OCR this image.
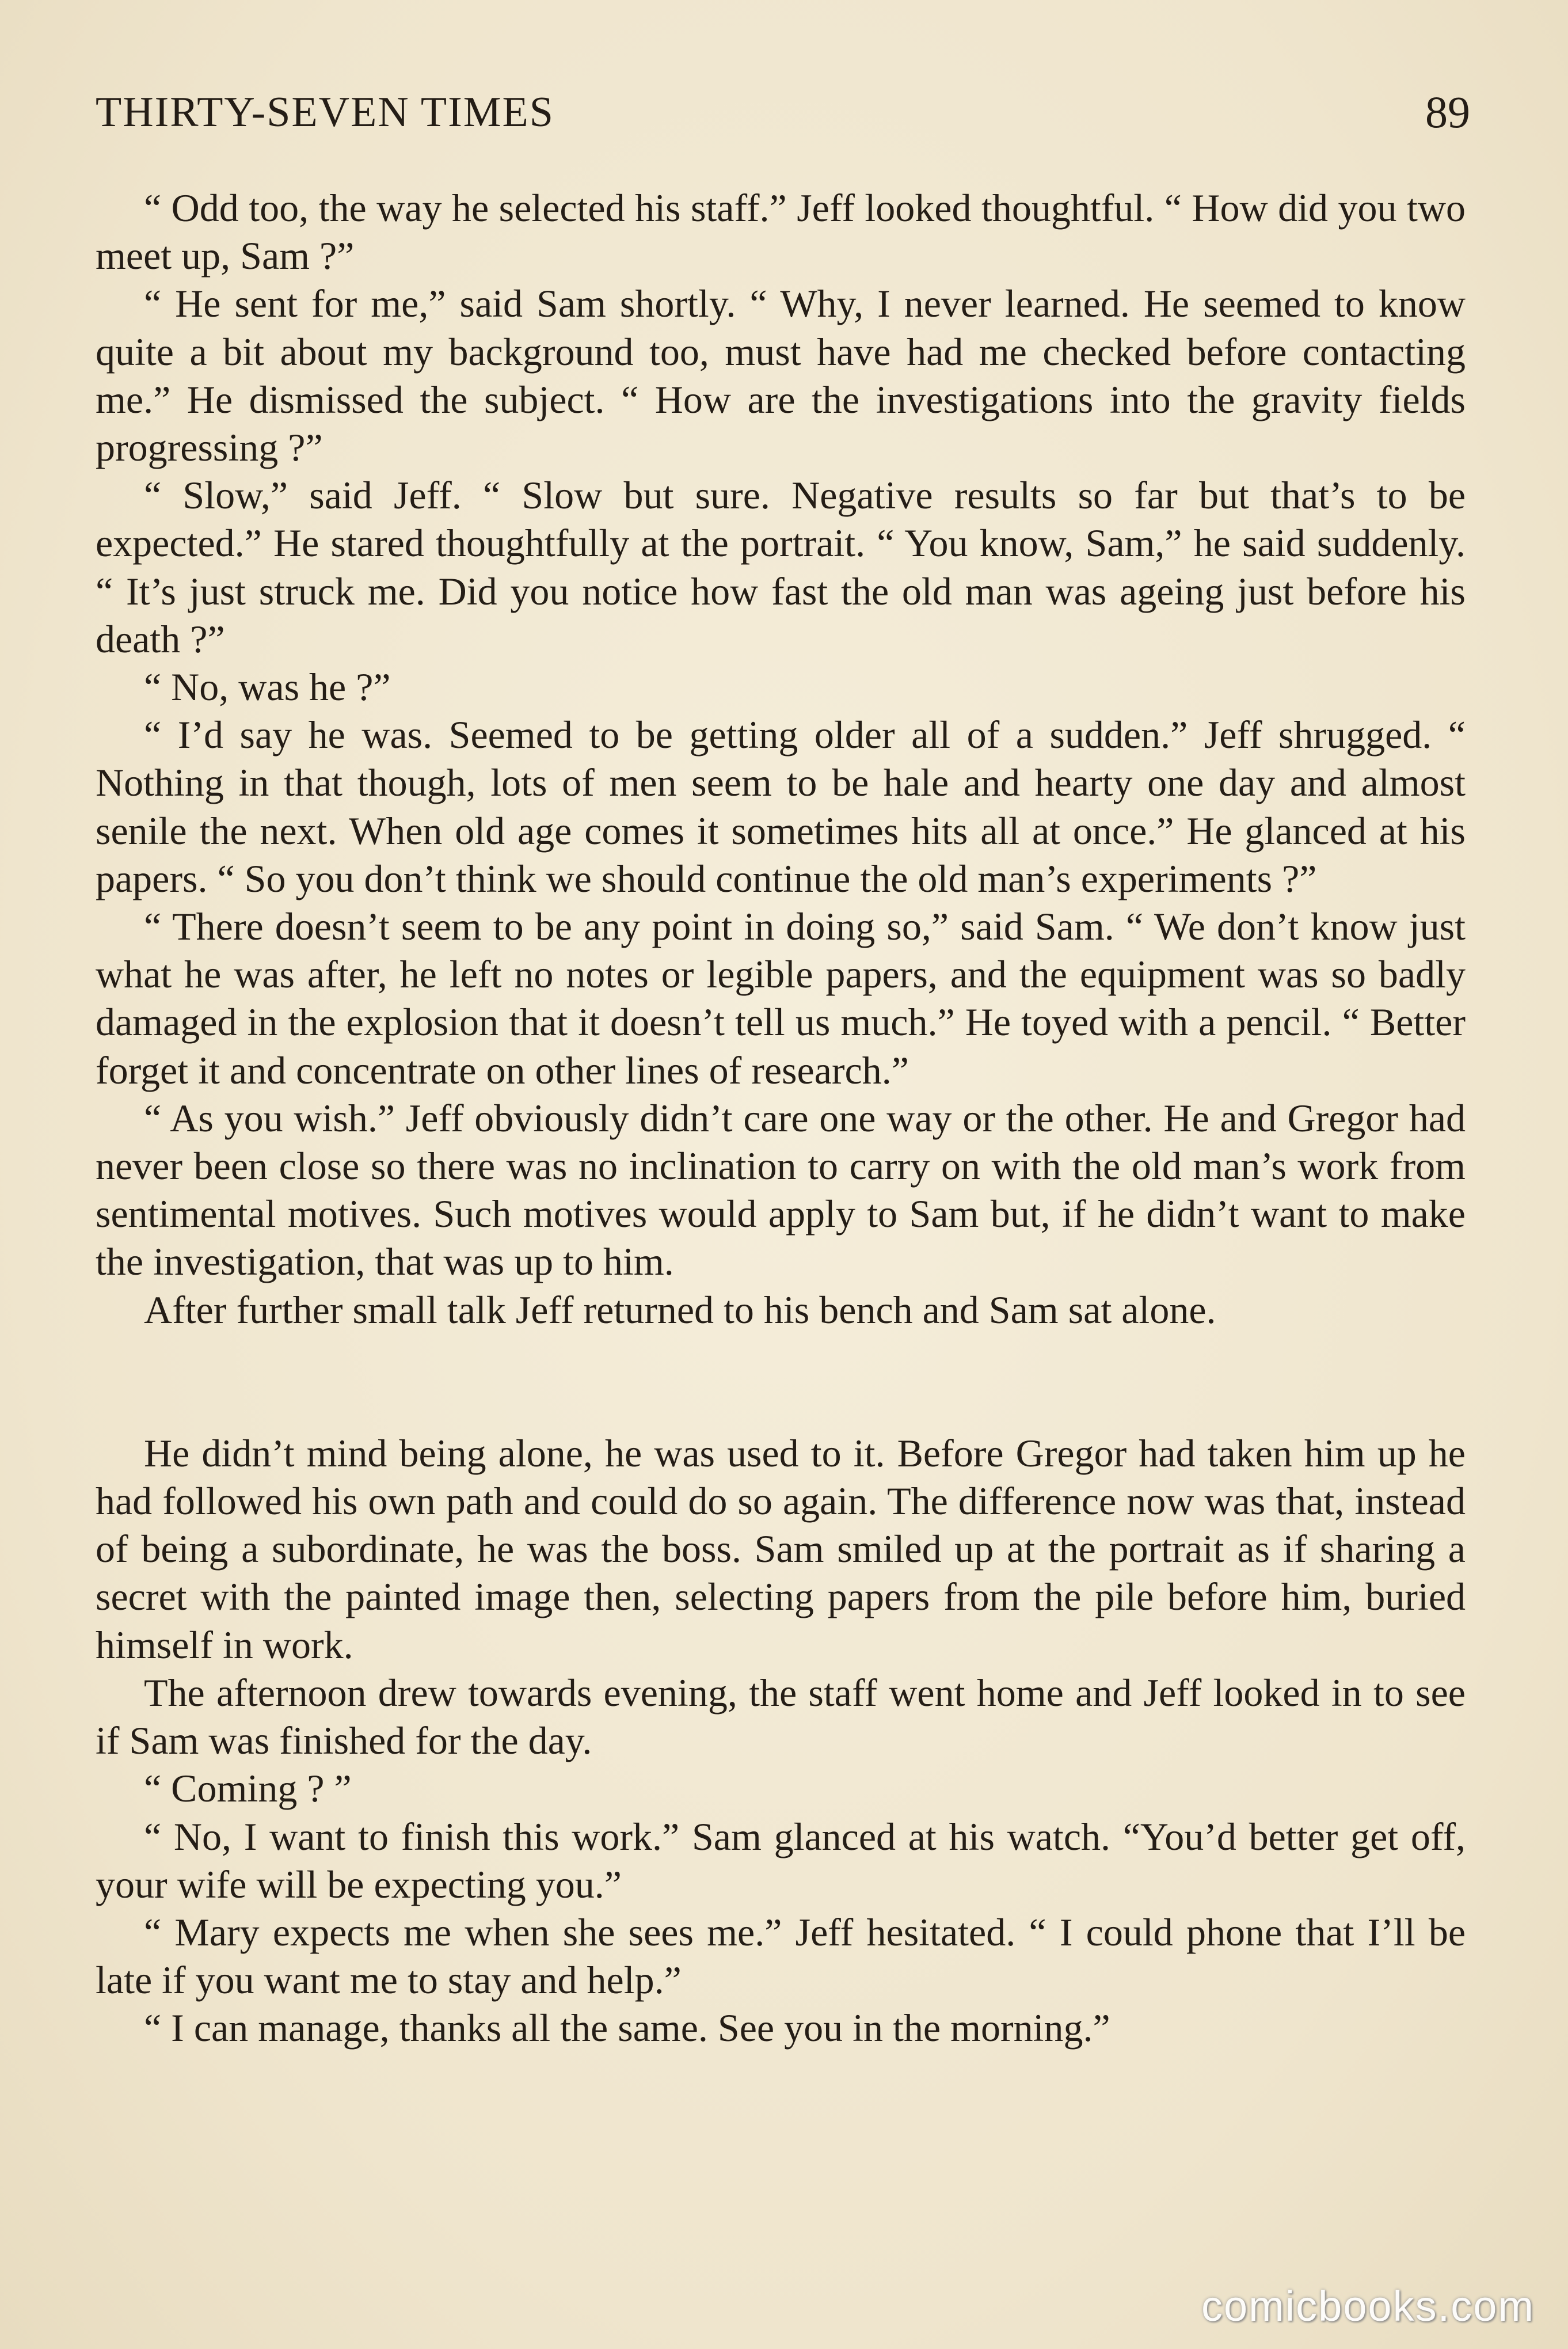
THIRTY-SEVEN TIMES	89

“ Odd too, the way he selected his staff.” Jeff looked thoughtful. “ How did you two meet up, Sam ?”

“ He sent for me,” said Sam shortly. “ Why, I never learned. He seemed to know quite a bit about my background too, must have had me checked before contacting me.” He dismissed the subject. “ How are the investigations into the gravity fields progressing ?”

“ Slow,” said Jeff. “ Slow but sure. Negative results so far but that’s to be expected.” He stared thoughtfully at the portrait. “ You know, Sam,” he said suddenly. “ It’s just struck me. Did you notice how fast the old man was ageing just before his death ?”

“ No, was he ?”

“ I’d say he was. Seemed to be getting older all of a sudden.” Jeff shrugged. “ Nothing in that though, lots of men seem to be hale and hearty one day and almost senile the next. When old age comes it sometimes hits all at once.” He glanced at his papers. “ So you don’t think we should continue the old man’s experiments ?”

“ There doesn’t seem to be any point in doing so,” said Sam. “ We don’t know just what he was after, he left no notes or legible papers, and the equipment was so badly damaged in the explosion that it doesn’t tell us much.” He toyed with a pencil. “ Better forget it and concentrate on other lines of research.”

“ As you wish.” Jeff obviously didn’t care one way or the other. He and Gregor had never been close so there was no inclination to carry on with the old man’s work from sentimental motives. Such motives would apply to Sam but, if he didn’t want to make the investigation, that was up to him.

After further small talk Jeff returned to his bench and Sam sat alone.

He didn’t mind being alone, he was used to it. Before Gregor had taken him up he had followed his own path and could do so again. The difference now was that, instead of being a subordinate, he was the boss. Sam smiled up at the portrait as if sharing a secret with the painted image then, selecting papers from the pile before him, buried himself in work.

The afternoon drew towards evening, the staff went home and Jeff looked in to see if Sam was finished for the day.

“ Coming ? ”

“ No, I want to finish this work.” Sam glanced at his watch. “You’d better get off, your wife will be expecting you.”

“ Mary expects me when she sees me.” Jeff hesitated. “ I could phone that I’ll be late if you want me to stay and help.”

“ I can manage, thanks all the same. See you in the morning.”

comicbooks.com
